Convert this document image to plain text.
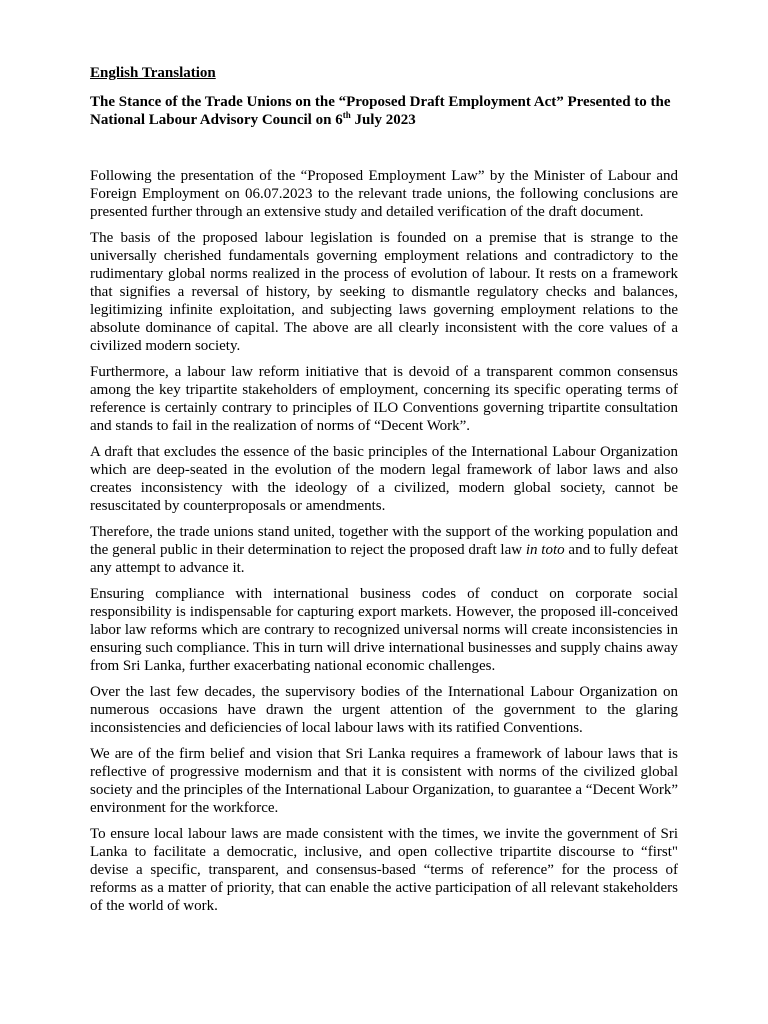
English Translation
The Stance of the Trade Unions on the “Proposed Draft Employment Act” Presented to the National Labour Advisory Council on 6th July 2023

Following the presentation of the “Proposed Employment Law” by the Minister of Labour and Foreign Employment on 06.07.2023 to the relevant trade unions, the following conclusions are presented further through an extensive study and detailed verification of the draft document.

The basis of the proposed labour legislation is founded on a premise that is strange to the universally cherished fundamentals governing employment relations and contradictory to the rudimentary global norms realized in the process of evolution of labour. It rests on a framework that signifies a reversal of history, by seeking to dismantle regulatory checks and balances, legitimizing infinite exploitation, and subjecting laws governing employment relations to the absolute dominance of capital. The above are all clearly inconsistent with the core values of a civilized modern society.

Furthermore, a labour law reform initiative that is devoid of a transparent common consensus among the key tripartite stakeholders of employment, concerning its specific operating terms of reference is certainly contrary to principles of ILO Conventions governing tripartite consultation and stands to fail in the realization of norms of “Decent Work”.

A draft that excludes the essence of the basic principles of the International Labour Organization which are deep-seated in the evolution of the modern legal framework of labor laws and also creates inconsistency with the ideology of a civilized, modern global society, cannot be resuscitated by counterproposals or amendments.

Therefore, the trade unions stand united, together with the support of the working population and the general public in their determination to reject the proposed draft law in toto and to fully defeat any attempt to advance it.

Ensuring compliance with international business codes of conduct on corporate social responsibility is indispensable for capturing export markets. However, the proposed ill-conceived labor law reforms which are contrary to recognized universal norms will create inconsistencies in ensuring such compliance. This in turn will drive international businesses and supply chains away from Sri Lanka, further exacerbating national economic challenges.

Over the last few decades, the supervisory bodies of the International Labour Organization on numerous occasions have drawn the urgent attention of the government to the glaring inconsistencies and deficiencies of local labour laws with its ratified Conventions.

We are of the firm belief and vision that Sri Lanka requires a framework of labour laws that is reflective of progressive modernism and that it is consistent with norms of the civilized global society and the principles of the International Labour Organization, to guarantee a “Decent Work” environment for the workforce.

To ensure local labour laws are made consistent with the times, we invite the government of Sri Lanka to facilitate a democratic, inclusive, and open collective tripartite discourse to “first" devise a specific, transparent, and consensus-based “terms of reference” for the process of reforms as a matter of priority, that can enable the active participation of all relevant stakeholders of the world of work.
